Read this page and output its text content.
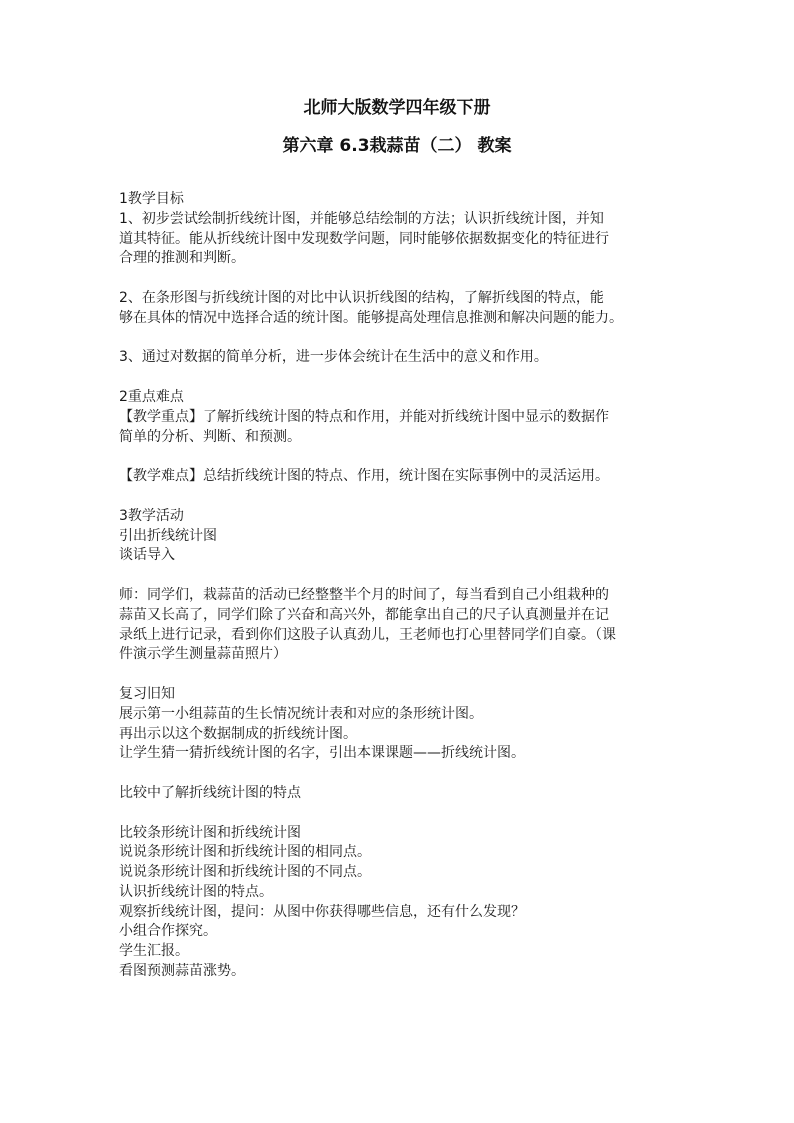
北师大版数学四年级下册
第六章 6.3栽蒜苗（二） 教案
1教学目标
1、初步尝试绘制折线统计图，并能够总结绘制的方法；认识折线统计图，并知
道其特征。能从折线统计图中发现数学问题，同时能够依据数据变化的特征进行
合理的推测和判断。
2、在条形图与折线统计图的对比中认识折线图的结构，了解折线图的特点，能
够在具体的情况中选择合适的统计图。能够提高处理信息推测和解决问题的能力。
3、通过对数据的简单分析，进一步体会统计在生活中的意义和作用。
2重点难点
【教学重点】了解折线统计图的特点和作用，并能对折线统计图中显示的数据作
简单的分析、判断、和预测。
【教学难点】总结折线统计图的特点、作用，统计图在实际事例中的灵活运用。
3教学活动
引出折线统计图
谈话导入
师：同学们，栽蒜苗的活动已经整整半个月的时间了，每当看到自己小组栽种的
蒜苗又长高了，同学们除了兴奋和高兴外，都能拿出自己的尺子认真测量并在记
录纸上进行记录，看到你们这股子认真劲儿，王老师也打心里替同学们自豪。（课
件演示学生测量蒜苗照片）
复习旧知
展示第一小组蒜苗的生长情况统计表和对应的条形统计图。
再出示以这个数据制成的折线统计图。
让学生猜一猜折线统计图的名字，引出本课课题——折线统计图。
比较中了解折线统计图的特点
比较条形统计图和折线统计图
说说条形统计图和折线统计图的相同点。
说说条形统计图和折线统计图的不同点。
认识折线统计图的特点。
观察折线统计图，提问：从图中你获得哪些信息，还有什么发现？
小组合作探究。
学生汇报。
看图预测蒜苗涨势。
